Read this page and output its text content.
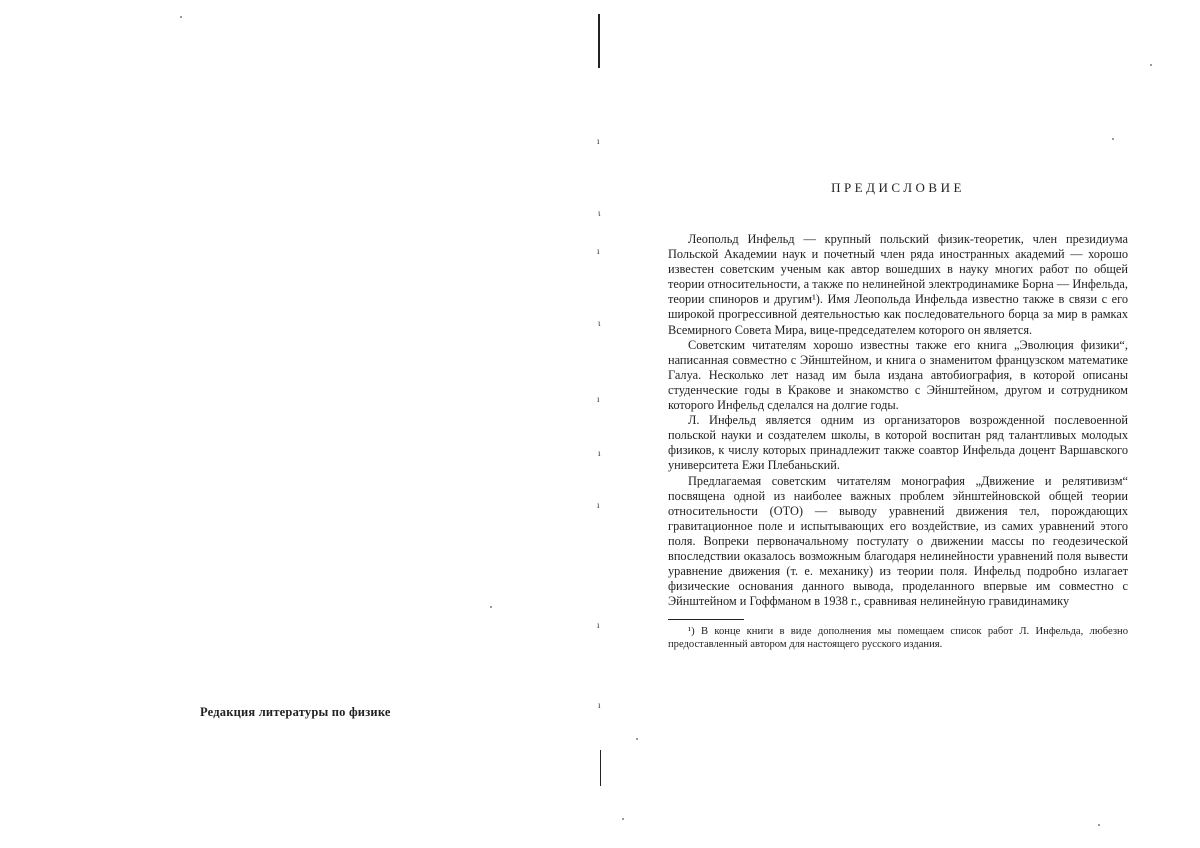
Редакция литературы по физике
ı
ι
ı
ι
ı
ı
ı
ı
ı
ПРЕДИСЛОВИЕ

Леопольд Инфельд — крупный польский физик-теоретик, член президиума Польской Академии наук и почетный член ряда иностранных академий — хорошо известен советским ученым как автор вошедших в науку многих работ по общей теории относительности, а также по нелинейной электродинамике Борна — Инфельда, теории спиноров и другим¹). Имя Леопольда Инфельда известно также в связи с его широкой прогрессивной деятельностью как последовательного борца за мир в рамках Всемирного Совета Мира, вице-председателем которого он является.

Советским читателям хорошо известны также его книга „Эволюция физики“, написанная совместно с Эйнштейном, и книга о знаменитом французском математике Галуа. Несколько лет назад им была издана автобиография, в которой описаны студенческие годы в Кракове и знакомство с Эйнштейном, другом и сотрудником которого Инфельд сделался на долгие годы.

Л. Инфельд является одним из организаторов возрожденной послевоенной польской науки и создателем школы, в которой воспитан ряд талантливых молодых физиков, к числу которых принадлежит также соавтор Инфельда доцент Варшавского университета Ежи Плебаньский.

Предлагаемая советским читателям монография „Движение и релятивизм“ посвящена одной из наиболее важных проблем эйнштейновской общей теории относительности (ОТО) — выводу уравнений движения тел, порождающих гравитационное поле и испытывающих его воздействие, из самих уравнений этого поля. Вопреки первоначальному постулату о движении массы по геодезической впоследствии оказалось возможным благодаря нелинейности уравнений поля вывести уравнение движения (т. е. механику) из теории поля. Инфельд подробно излагает физические основания данного вывода, проделанного впервые им совместно с Эйнштейном и Гоффманом в 1938 г., сравнивая нелинейную гравидинамику

¹) В конце книги в виде дополнения мы помещаем список работ Л. Инфельда, любезно предоставленный автором для настоящего русского издания.
